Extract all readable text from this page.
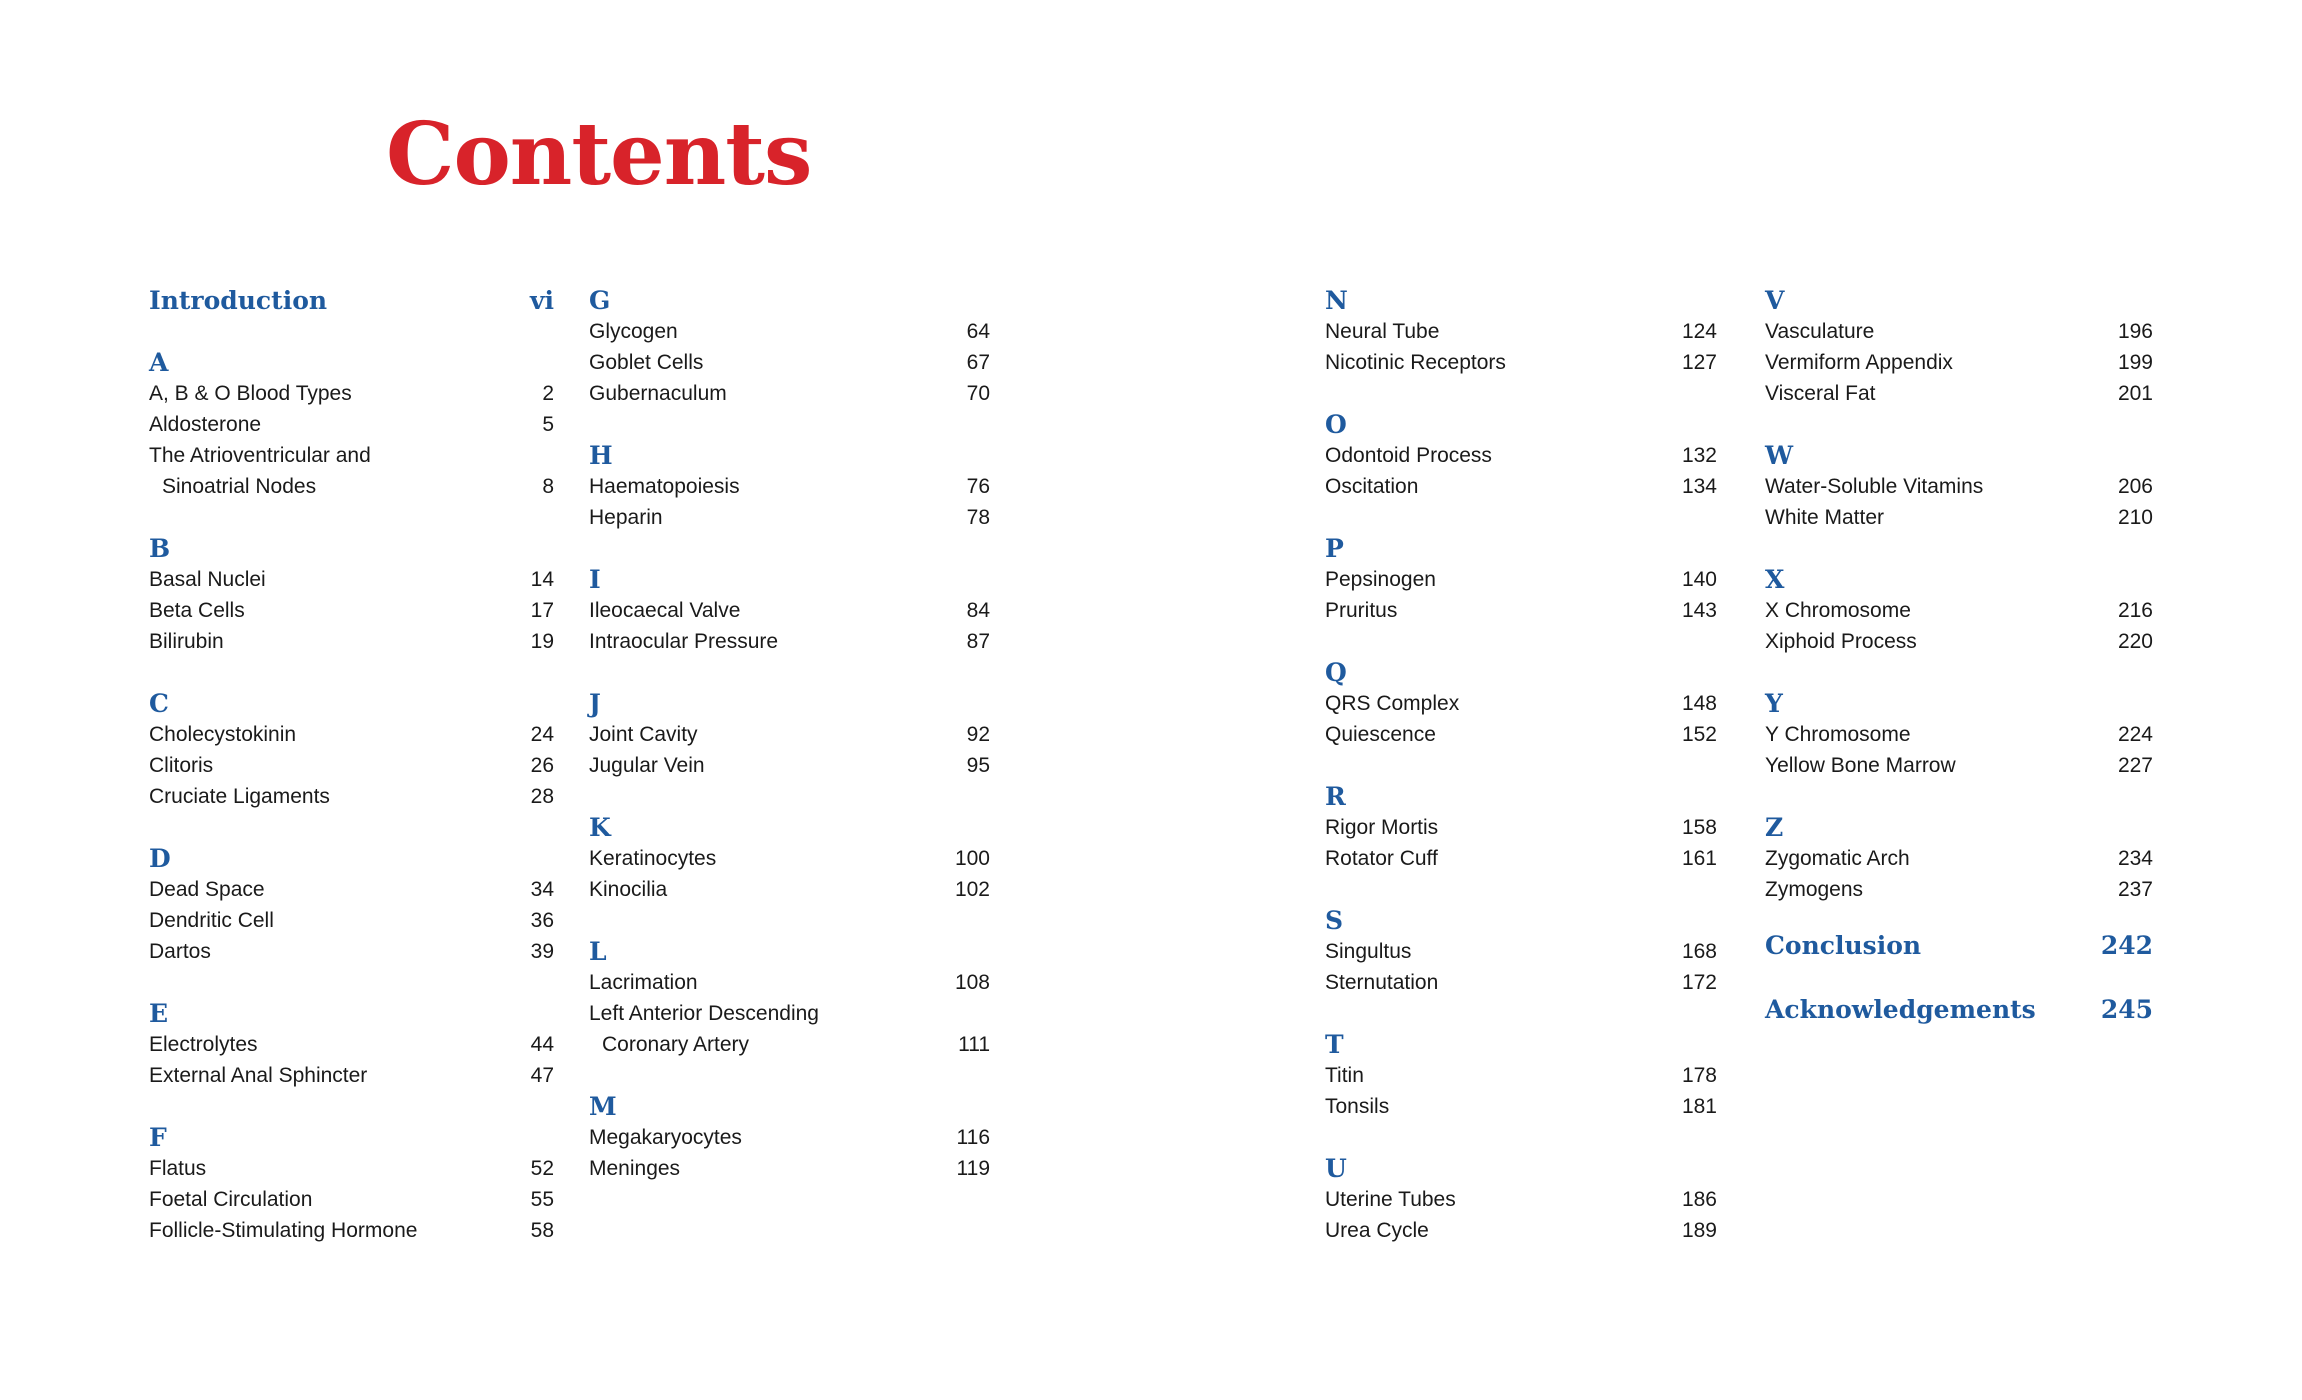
Contents
Introduction	vi
A
A, B & O Blood Types	2
Aldosterone	5
The Atrioventricular and
Sinoatrial Nodes	8
B
Basal Nuclei	14
Beta Cells	17
Bilirubin	19
C
Cholecystokinin	24
Clitoris	26
Cruciate Ligaments	28
D
Dead Space	34
Dendritic Cell	36
Dartos	39
E
Electrolytes	44
External Anal Sphincter	47
F
Flatus	52
Foetal Circulation	55
Follicle-Stimulating Hormone	58
G
Glycogen	64
Goblet Cells	67
Gubernaculum	70
H
Haematopoiesis	76
Heparin	78
I
Ileocaecal Valve	84
Intraocular Pressure	87
J
Joint Cavity	92
Jugular Vein	95
K
Keratinocytes	100
Kinocilia	102
L
Lacrimation	108
Left Anterior Descending
Coronary Artery	111
M
Megakaryocytes	116
Meninges	119
N
Neural Tube	124
Nicotinic Receptors	127
O
Odontoid Process	132
Oscitation	134
P
Pepsinogen	140
Pruritus	143
Q
QRS Complex	148
Quiescence	152
R
Rigor Mortis	158
Rotator Cuff	161
S
Singultus	168
Sternutation	172
T
Titin	178
Tonsils	181
U
Uterine Tubes	186
Urea Cycle	189
V
Vasculature	196
Vermiform Appendix	199
Visceral Fat	201
W
Water-Soluble Vitamins	206
White Matter	210
X
X Chromosome	216
Xiphoid Process	220
Y
Y Chromosome	224
Yellow Bone Marrow	227
Z
Zygomatic Arch	234
Zymogens	237
Conclusion	242
Acknowledgements	245
